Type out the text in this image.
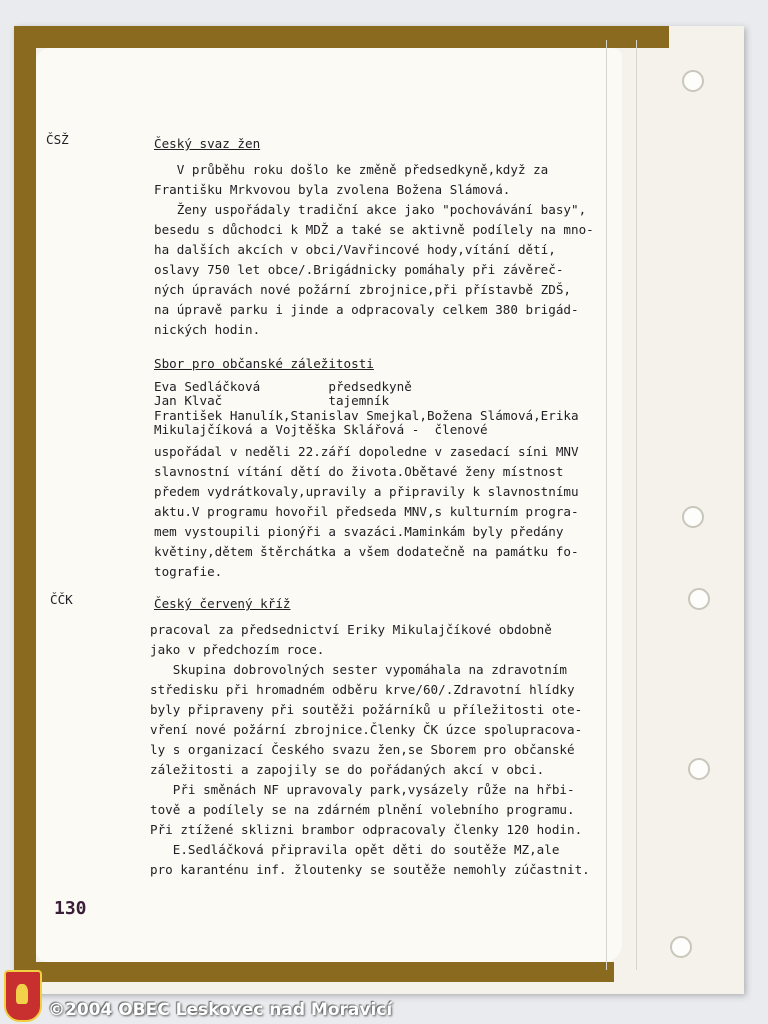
ČSŽ
ČČK
Český svaz žen
V průběhu roku došlo ke změně předsedkyně,když za
Františku Mrkvovou byla zvolena Božena Slámová.
Ženy uspořádaly tradiční akce jako "pochovávání basy",
besedu s důchodci k MDŽ a také se aktivně podílely na mno-
ha dalších akcích v obci/Vavřincové hody,vítání dětí,
oslavy 750 let obce/.Brigádnicky pomáhaly při závěreč-
ných úpravách nové požární zbrojnice,při přístavbě ZDŠ,
na úpravě parku i jinde a odpracovaly celkem 380 brigád-
nických hodin.
Sbor pro občanské záležitosti
Eva Sedláčková         předsedkyně
Jan Klvač              tajemník
František Hanulík,Stanislav Smejkal,Božena Slámová,Erika
Mikulajčíková a Vojtěška Sklářová -  členové
uspořádal v neděli 22.září dopoledne v zasedací síni MNV
slavnostní vítání dětí do života.Obětavé ženy místnost
předem vydrátkovaly,upravily a připravily k slavnostnímu
aktu.V programu hovořil předseda MNV,s kulturním progra-
mem vystoupili pionýři a svazáci.Maminkám byly předány
květiny,dětem štěrchátka a všem dodatečně na památku fo-
tografie.
Český červený kříž
pracoval za předsednictví Eriky Mikulajčíkové obdobně
jako v předchozím roce.
Skupina dobrovolných sester vypomáhala na zdravotním
středisku při hromadném odběru krve/60/.Zdravotní hlídky
byly připraveny při soutěži požárníků u příležitosti ote-
vření nové požární zbrojnice.Členky ČK úzce spolupracova-
ly s organizací Českého svazu žen,se Sborem pro občanské
záležitosti a zapojily se do pořádaných akcí v obci.
Při směnách NF upravovaly park,vysázely růže na hřbi-
tově a podílely se na zdárném plnění volebního programu.
Při ztížené sklizni brambor odpracovaly členky 120 hodin.
E.Sedláčková připravila opět děti do soutěže MZ,ale
pro karanténu inf. žloutenky se soutěže nemohly zúčastnit.
130
©2004 OBEC Leskovec nad Moravicí
